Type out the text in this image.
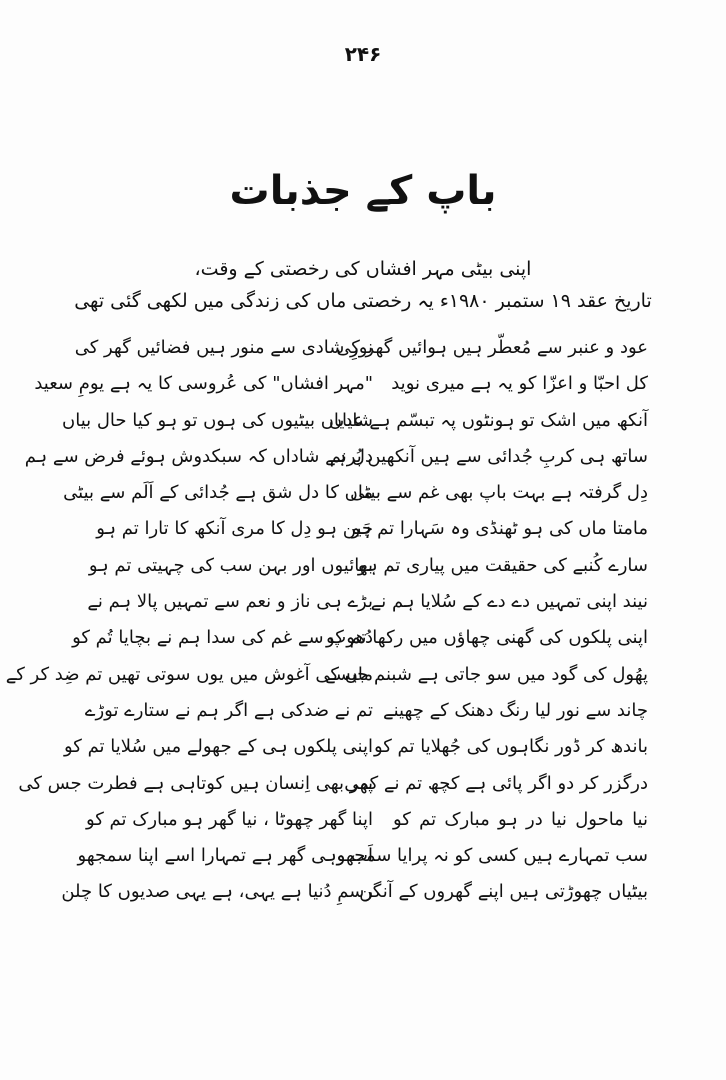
۲۴۶
باپ کے جذبات
اپنی بیٹی مہر افشاں کی رخصتی کے وقت،
تاریخ عقد ۱۹ ستمبر ۱۹۸۰ء یہ رخصتی ماں کی زندگی میں لکھی گئی تھی
نورِ شادی سے منور ہیں فضائیں گھر کی
"مہر افشاں" کی عُروسی کا یہ ہے یومِ سعید
شادیاں بیٹیوں کی ہوں تو ہو کیا حال بیاں
دل ہے شاداں کہ سبکدوش ہوئے فرض سے ہم
ماں کا دل شق ہے جُدائی کے اَلَم سے بیٹی
چَین ہو دِل کا مری آنکھ کا تارا تم ہو
بھائیوں اور بہن سب کی چہیتی تم ہو
بڑے ہی ناز و نعم سے تمہیں پالا ہم نے
دُھوپ سے غم کی سدا ہم نے بچایا تُم کو
ماں کی آغوش میں یوں سوتی تھیں تم ضِد کر کے
تم نے ضدکی ہے اگر ہم نے ستارے توڑے
اپنی پلکوں ہی کے جھولے میں سُلایا تم کو
پھر بھی اِنسان ہیں کوتاہی ہے فطرت جس کی
اپنا گھر چھوٹا ، نیا گھر ہو مبارک تم کو
اَب وہی گھر ہے تمہارا اسے اپنا سمجھو
رسمِ دُنیا ہے یہی، ہے یہی صدیوں کا چلن
عود و عنبر سے مُعطّر ہیں ہوائیں گھر کی
کل احبّا و اعزّا کو یہ ہے میری نوید
آنکھ میں اشک تو ہونٹوں پہ تبسّم ہے عیاں
ساتھ ہی کربِ جُدائی سے ہیں آنکھیں پُرنم
دِل گرفتہ ہے بہت باپ بھی غم سے بیٹی
مامتا ماں کی ہو ٹھنڈی وہ سَہارا تم ہو
سارے کُنبے کی حقیقت میں پیاری تم ہو
نیند اپنی تمہیں دے دے کے سُلایا ہم نے
اپنی پلکوں کی گھنی چھاؤں میں رکھا تم کو
پھُول کی گود میں سو جاتی ہے شبنم جیسے
چاند سے نور لیا رنگ دھنک کے چھینے
باندھ کر ڈور نگاہوں کی جُھلایا تم کو
درگزر کر دو اگر پائی ہے کچھ تم نے کمی
نیا ماحول نیا در ہو مبارک تم کو
سب تمہارے ہیں کسی کو نہ پرایا سمجھو
بیٹیاں چھوڑتی ہیں اپنے گھروں کے آنگن
